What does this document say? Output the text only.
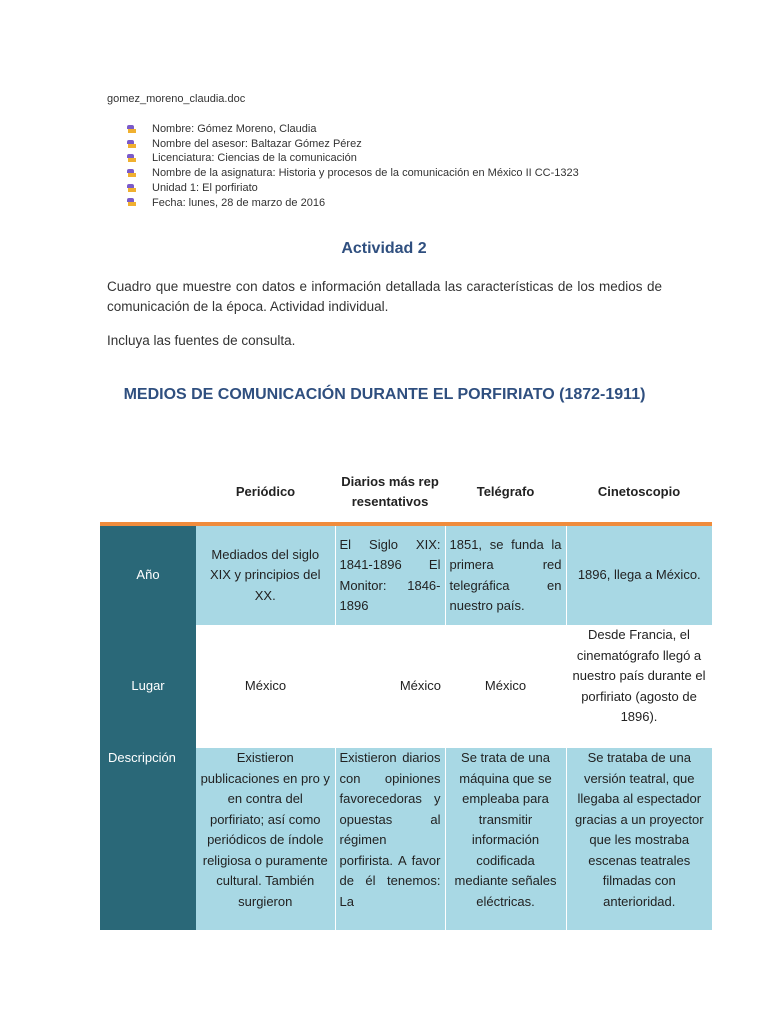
gomez_moreno_claudia.doc
Nombre: Gómez Moreno, Claudia
Nombre del asesor: Baltazar Gómez Pérez
Licenciatura: Ciencias de la comunicación
Nombre de la asignatura: Historia y procesos de la comunicación en México II CC-1323
Unidad 1: El porfiriato
Fecha: lunes, 28 de marzo de 2016
Actividad 2

Cuadro que muestre con datos e información detallada las características de los medios de comunicación de la época. Actividad individual.

Incluya las fuentes de consulta.

MEDIOS DE COMUNICACIÓN DURANTE EL PORFIRIATO (1872-1911)
	Periódico	Diarios más representativos	Telégrafo	Cinetoscopio
Año	Mediados del siglo XIX y principios del XX.	El Siglo XIX: 1841-1896 El Monitor: 1846-1896	1851, se funda la primera red telegráfica en nuestro país.	1896, llega a México.
Lugar	México	México	México	Desde Francia, el cinematógrafo llegó a nuestro país durante el porfiriato (agosto de 1896).
Descripción	Existieron publicaciones en pro y en contra del porfiriato; así como periódicos de índole religiosa o puramente cultural. También surgieron	Existieron diarios con opiniones favorecedoras y opuestas al régimen porfirista. A favor de él tenemos: La	Se trata de una máquina que se empleaba para transmitir información codificada mediante señales eléctricas.	Se trataba de una versión teatral, que llegaba al espectador gracias a un proyector que les mostraba escenas teatrales filmadas con anterioridad.
